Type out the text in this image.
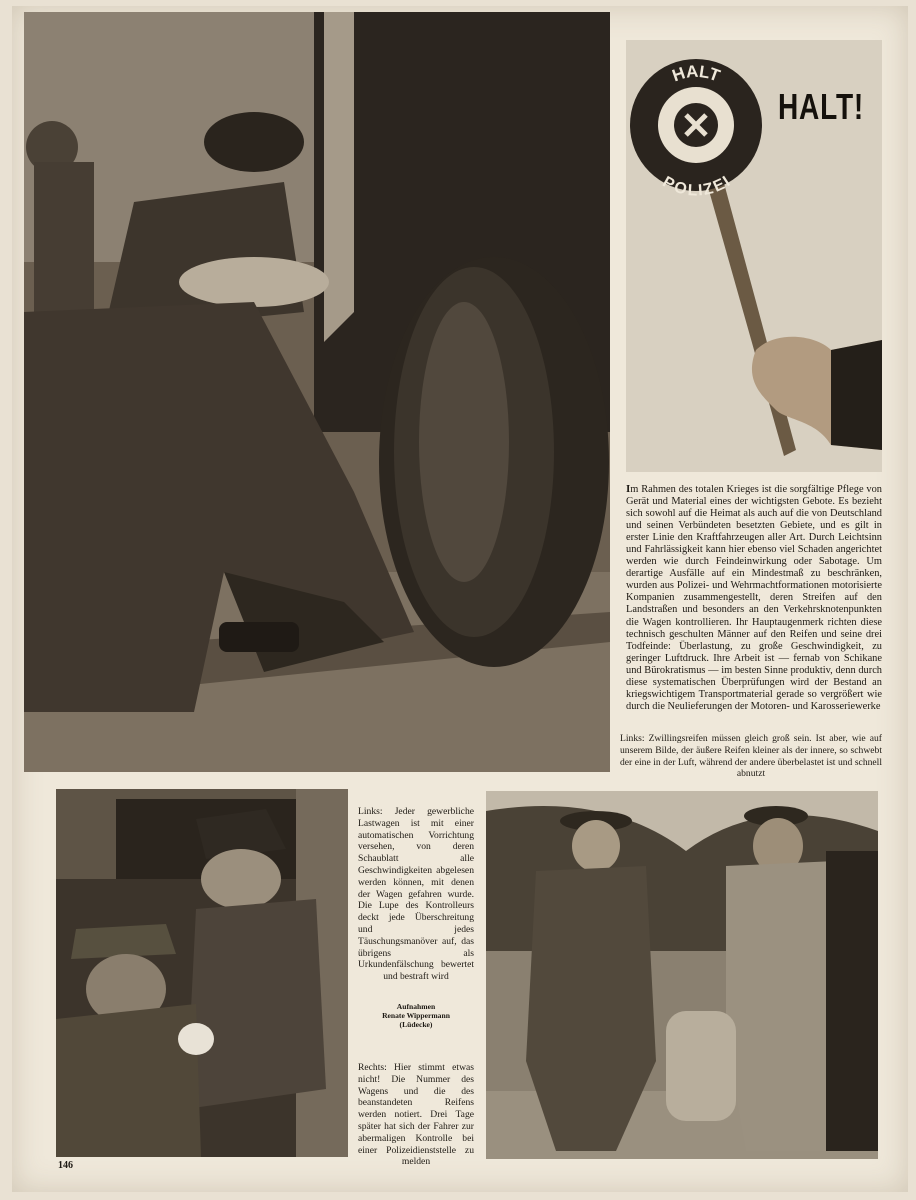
HALT
POLIZEI
HALT!
Im Rahmen des totalen Krieges ist die sorgfältige Pflege von Gerät und Material eines der wichtigsten Gebote. Es bezieht sich sowohl auf die Heimat als auch auf die von Deutschland und seinen Verbündeten besetzten Gebiete, und es gilt in erster Linie den Kraftfahrzeugen aller Art. Durch Leichtsinn und Fahrlässigkeit kann hier ebenso viel Schaden angerichtet werden wie durch Feindeinwirkung oder Sabotage. Um derartige Ausfälle auf ein Mindestmaß zu beschränken, wurden aus Polizei- und Wehrmachtformationen motorisierte Kompanien zusammengestellt, deren Streifen auf den Landstraßen und besonders an den Verkehrsknotenpunkten die Wagen kontrollieren. Ihr Hauptaugenmerk richten diese technisch geschulten Männer auf den Reifen und seine drei Todfeinde: Überlastung, zu große Geschwindigkeit, zu geringer Luftdruck. Ihre Arbeit ist — fernab von Schikane und Bürokratismus — im besten Sinne produktiv, denn durch diese systematischen Überprüfungen wird der Bestand an kriegswichtigem Transportmaterial gerade so vergrößert wie durch die Neulieferungen der Motoren- und Karosseriewerke
Links: Zwillingsreifen müssen gleich groß sein. Ist aber, wie auf unserem Bilde, der äußere Reifen kleiner als der innere, so schwebt der eine in der Luft, während der andere überbelastet ist und schnell abnutzt
Links: Jeder gewerbliche Lastwagen ist mit einer automatischen Vorrichtung versehen, von deren Schaublatt alle Geschwindigkeiten abgelesen werden können, mit denen der Wagen gefahren wurde. Die Lupe des Kontrolleurs deckt jede Überschreitung und jedes Täuschungsmanöver auf, das übrigens als Urkundenfälschung bewertet und bestraft wird
Aufnahmen
Renate Wippermann
(Lüdecke)
Rechts: Hier stimmt etwas nicht! Die Nummer des Wagens und die des beanstandeten Reifens werden notiert. Drei Tage später hat sich der Fahrer zur abermaligen Kontrolle bei einer Polizeidienststelle zu melden
146
